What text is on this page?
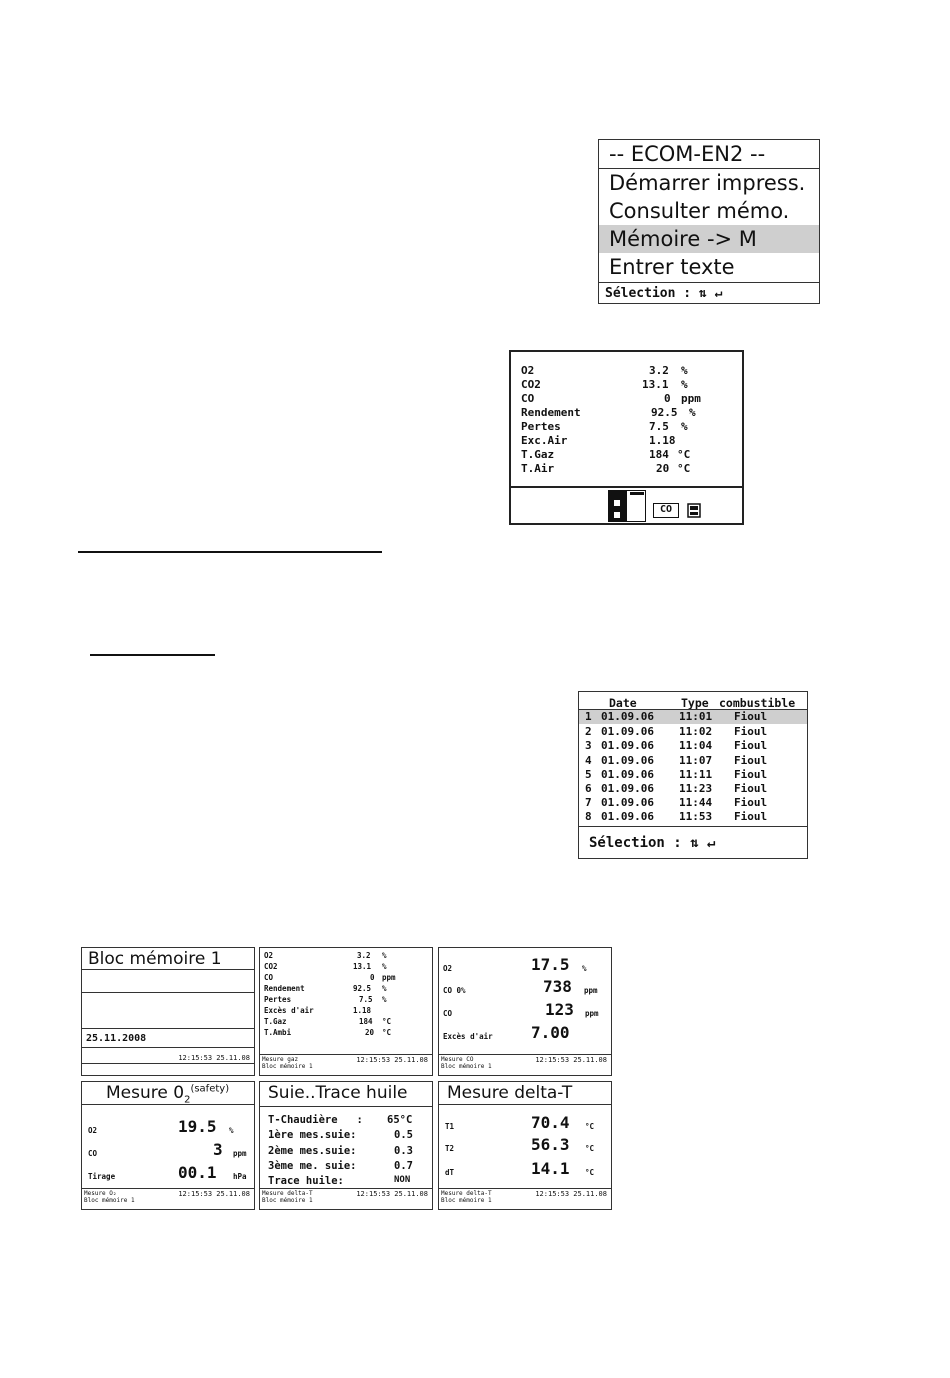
-- ECOM-EN2 --
Démarrer impress.
Consulter mémo.
Mémoire -> M
Entrer texte
Sélection : ⇅ ↵
O2	3.2 %
CO2	13.1 %
CO	0 ppm
Rendement	92.5 %
Pertes	7.5 %
Exc.Air	1.18
T.Gaz	184 °C
T.Air	20 °C
CO
Date	Type combustible
1 01.09.06 11:01 Fioul
2 01.09.06 11:02 Fioul
3 01.09.06 11:04 Fioul
4 01.09.06 11:07 Fioul
5 01.09.06 11:11 Fioul
6 01.09.06 11:23 Fioul
7 01.09.06 11:44 Fioul
8 01.09.06 11:53 Fioul
Sélection : ⇅ ↵
Bloc mémoire 1
25.11.2008
12:15:53 25.11.08
O2	3.2 %
CO2	13.1 %
CO	0 ppm
Rendement	92.5 %
Pertes	7.5 %
Excès d'air	1.18
T.Gaz	184 °C
T.Ambi	20 °C
Mesure gaz
Bloc mémoire 1
12:15:53 25.11.08
O2	17.5 %
CO 0%	738 ppm
CO	123 ppm
Excès d'air 7.00
Mesure CO
Bloc mémoire 1
12:15:53 25.11.08
Mesure $0_2^{(safety)}$
O2	19.5 %
CO	3 ppm
Tirage	00.1 hPa
Mesure O₂
Bloc mémoire 1
12:15:53 25.11.08
Suie..Trace huile
T-Chaudière   : 65°C
1ère mes.suie:	0.5
2ème mes.suie:	0.3
3ème me. suie:	0.7
Trace huile:	NON
Mesure delta-T
Bloc mémoire 1
12:15:53 25.11.08
Mesure delta-T
T1	70.4 °C
T2	56.3 °C
dT	14.1 °C
Mesure delta-T
Bloc mémoire 1
12:15:53 25.11.08
